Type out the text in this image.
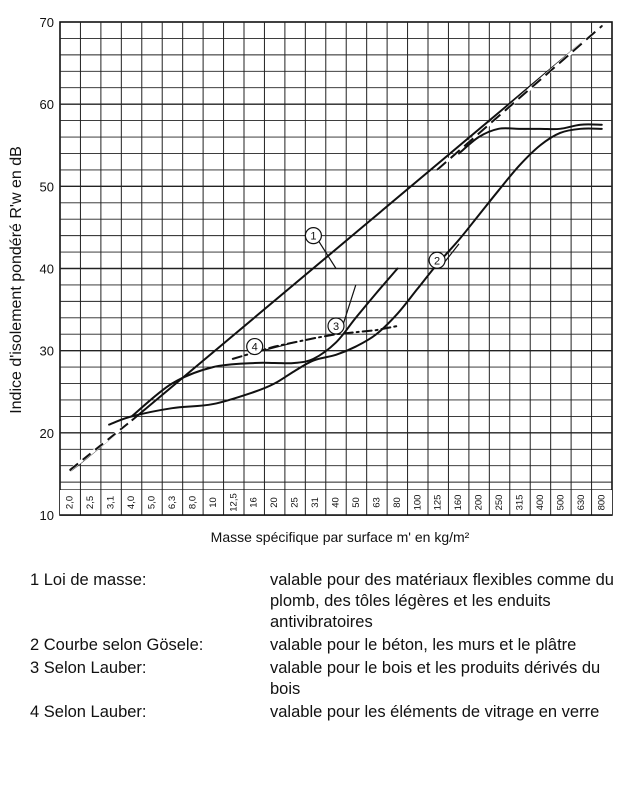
10
20
30
40
50
60
70
2,0 2,5 3,1 4,0 5,0 6,3 8,0 10 12,5 16 20 25 31 40 50 63 80 100 125 160 200 250 315 400 500 630 800
1
2
3
4
Indice d'isolement pondéré R'w en dB
Masse spécifique par surface m' en kg/m²
1 Loi de masse:	valable pour des matériaux flexibles comme du plomb, des tôles légères et les enduits antivibratoires
2 Courbe selon Gösele:	valable pour le béton, les murs et le plâtre
3 Selon Lauber:	valable pour le bois et les produits dérivés du bois
4 Selon Lauber:	valable pour les éléments de vitrage en verre
